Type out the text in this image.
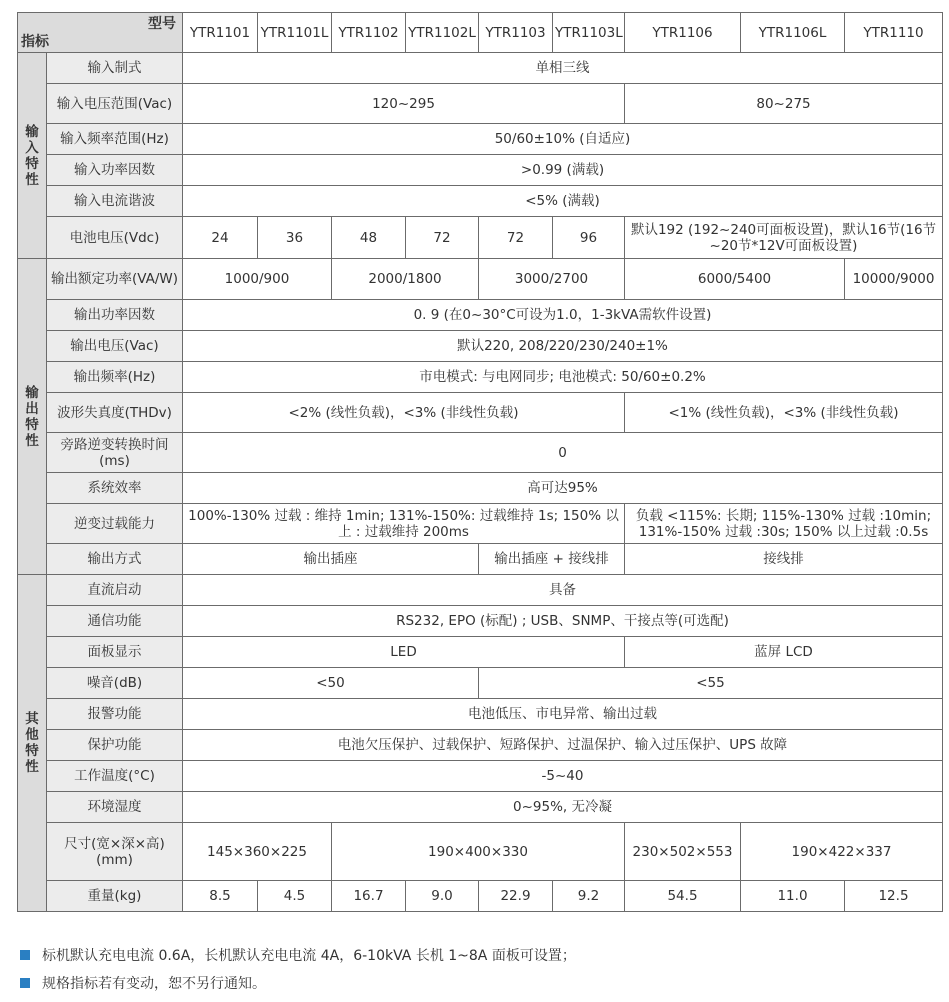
型号
指标		YTR1101	YTR1101L	YTR1102	YTR1102L	YTR1103	YTR1103L	YTR1106	YTR1106L	YTR1110
输入特性	输入制式	单相三线								
	输入电压范围(Vac)	120~295						80~275		
	输入频率范围(Hz)	50/60±10% (自适应)								
	输入功率因数	>0.99 (满载)								
	输入电流谐波	<5% (满载)								
	电池电压(Vdc)	24	36	48	72	72	96	默认192 (192~240可面板设置)，默认16节(16节~20节*12V可面板设置)		
输出特性	输出额定功率(VA/W)	1000/900		2000/1800		3000/2700		6000/5400		10000/9000
	输出功率因数	0. 9 (在0~30°C可设为1.0，1-3kVA需软件设置)								
	输出电压(Vac)	默认220, 208/220/230/240±1%								
	输出频率(Hz)	市电模式: 与电网同步; 电池模式: 50/60±0.2%								
	波形失真度(THDv)	<2% (线性负载)，<3% (非线性负载)						<1% (线性负载)，<3% (非线性负载)		
	旁路逆变转换时间(ms)	0								
	系统效率	高可达95%								
	逆变过载能力	100%-130% 过载 : 维持 1min; 131%-150%: 过载维持 1s; 150% 以上 : 过载维持 200ms						负载 <115%: 长期; 115%-130% 过载 :10min; 131%-150% 过载 :30s; 150% 以上过载 :0.5s		
	输出方式	输出插座				输出插座 + 接线排		接线排		
其他特性	直流启动	具备								
	通信功能	RS232, EPO (标配) ; USB、SNMP、干接点等(可选配)								
	面板显示	LED						蓝屏 LCD		
	噪音(dB)	<50				<55				
	报警功能	电池低压、市电异常、输出过载								
	保护功能	电池欠压保护、过载保护、短路保护、过温保护、输入过压保护、UPS 故障								
	工作温度(°C)	-5~40								
	环境湿度	0~95%, 无冷凝								
	尺寸(宽×深×高)(mm)	145×360×225		190×400×330				230×502×553	190×422×337	
	重量(kg)	8.5	4.5	16.7	9.0	22.9	9.2	54.5	11.0	12.5
标机默认充电电流 0.6A，长机默认充电电流 4A，6-10kVA 长机 1~8A 面板可设置；
规格指标若有变动，恕不另行通知。
